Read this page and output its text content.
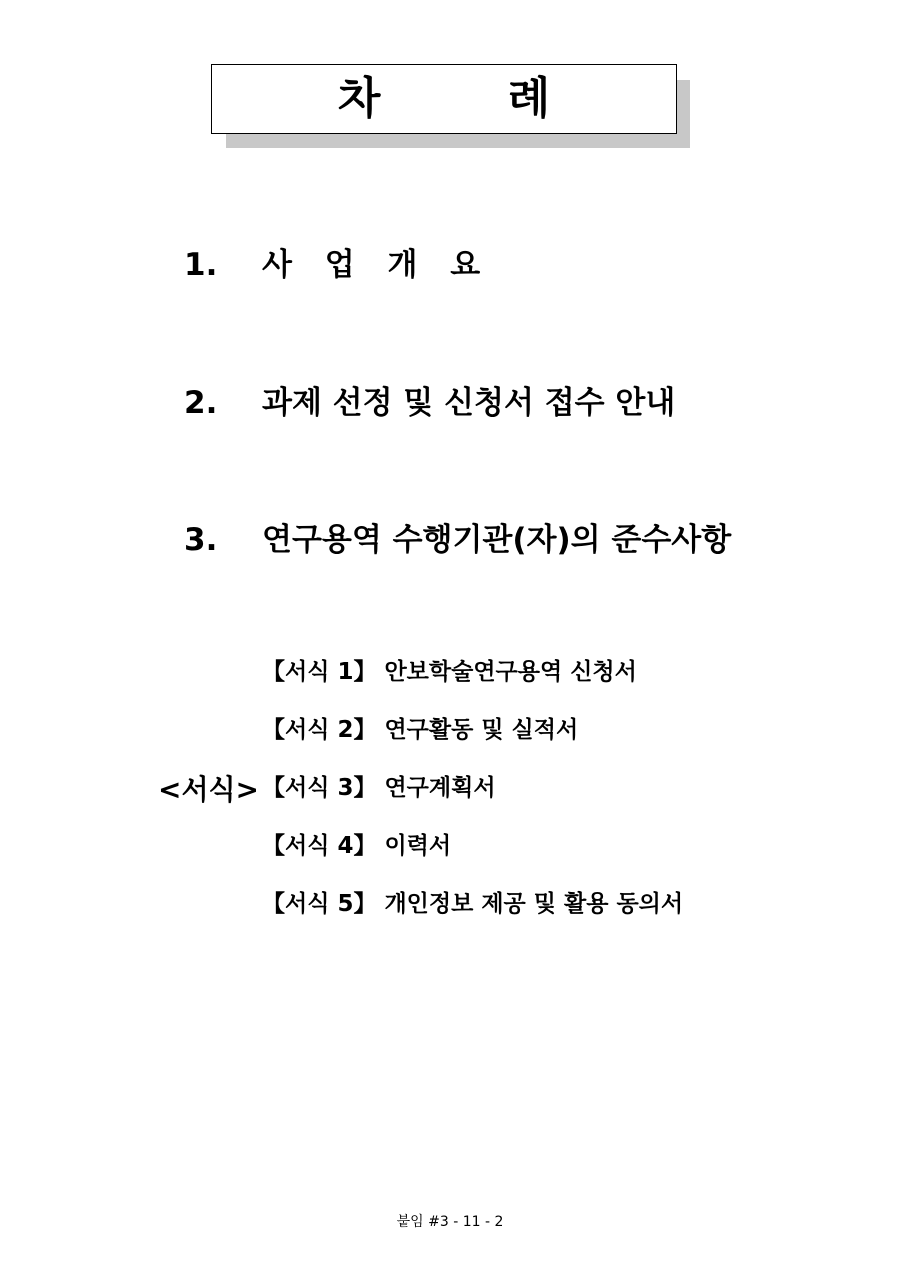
차 례
1. 사 업 개 요
2. 과제 선정 및 신청서 접수 안내
3. 연구용역 수행기관(자)의 준수사항
<서식>
【서식 1】 안보학술연구용역 신청서
【서식 2】 연구활동 및 실적서
【서식 3】 연구계획서
【서식 4】 이력서
【서식 5】 개인정보 제공 및 활용 동의서
붙임 #3 - 11 - 2
